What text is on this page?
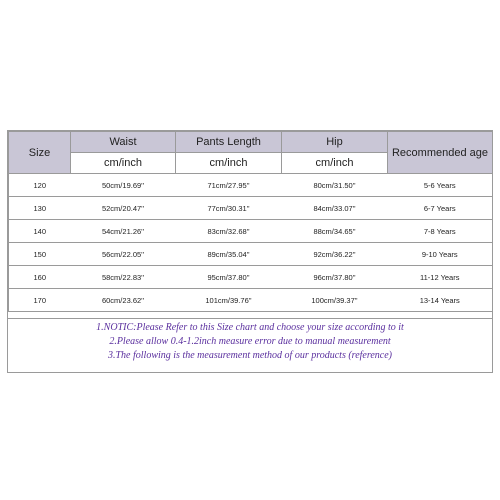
Size	Waist	Pants Length	Hip	Recommended age
	cm/inch	cm/inch	cm/inch	
120	50cm/19.69''	71cm/27.95''	80cm/31.50''	5-6 Years
130	52cm/20.47''	77cm/30.31''	84cm/33.07''	6-7 Years
140	54cm/21.26''	83cm/32.68''	88cm/34.65''	7-8 Years
150	56cm/22.05''	89cm/35.04''	92cm/36.22''	9-10 Years
160	58cm/22.83''	95cm/37.80''	96cm/37.80''	11-12 Years
170	60cm/23.62''	101cm/39.76''	100cm/39.37''	13-14 Years
1.NOTIC:Please Refer to this Size chart and choose your size according to it
2.Please allow 0.4-1.2inch measure error due to manual measurement
3.The following is the measurement method of our products (reference)
